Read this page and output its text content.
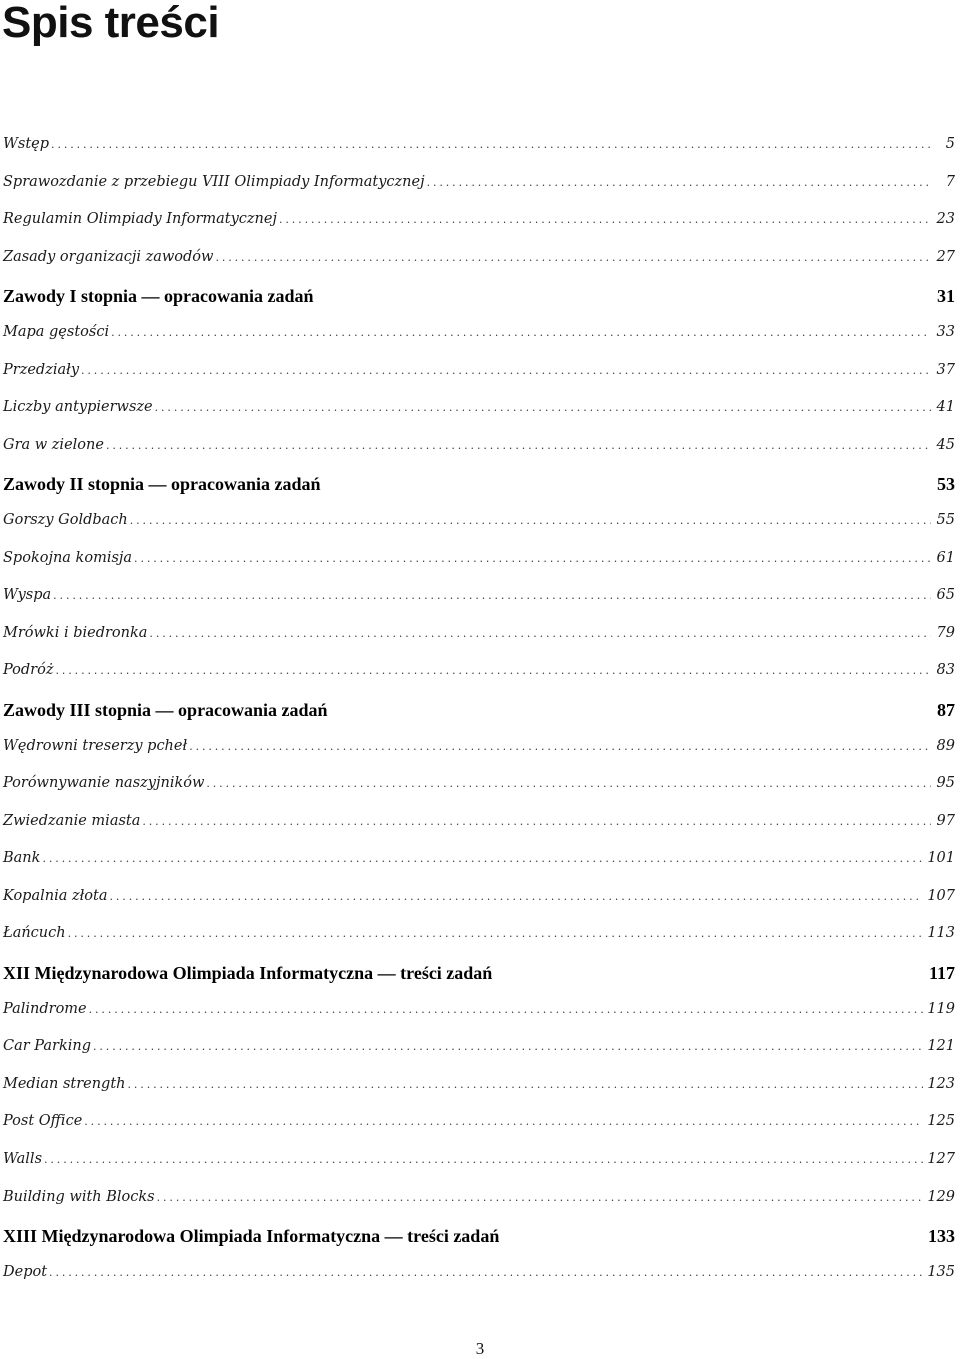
Spis treści
Wstęp .....	5
Sprawozdanie z przebiegu VIII Olimpiady Informatycznej .....	7
Regulamin Olimpiady Informatycznej .....	23
Zasady organizacji zawodów .....	27
Zawody I stopnia — opracowania zadań	31
Mapa gęstości .....	33
Przedziały .....	37
Liczby antypierwsze .....	41
Gra w zielone .....	45
Zawody II stopnia — opracowania zadań	53
Gorszy Goldbach .....	55
Spokojna komisja .....	61
Wyspa .....	65
Mrówki i biedronka .....	79
Podróż .....	83
Zawody III stopnia — opracowania zadań	87
Wędrowni treserzy pcheł .....	89
Porównywanie naszyjników .....	95
Zwiedzanie miasta .....	97
Bank .....	101
Kopalnia złota .....	107
Łańcuch .....	113
XII Międzynarodowa Olimpiada Informatyczna — treści zadań	117
Palindrome .....	119
Car Parking .....	121
Median strength .....	123
Post Office .....	125
Walls .....	127
Building with Blocks .....	129
XIII Międzynarodowa Olimpiada Informatyczna — treści zadań	133
Depot .....	135
3
